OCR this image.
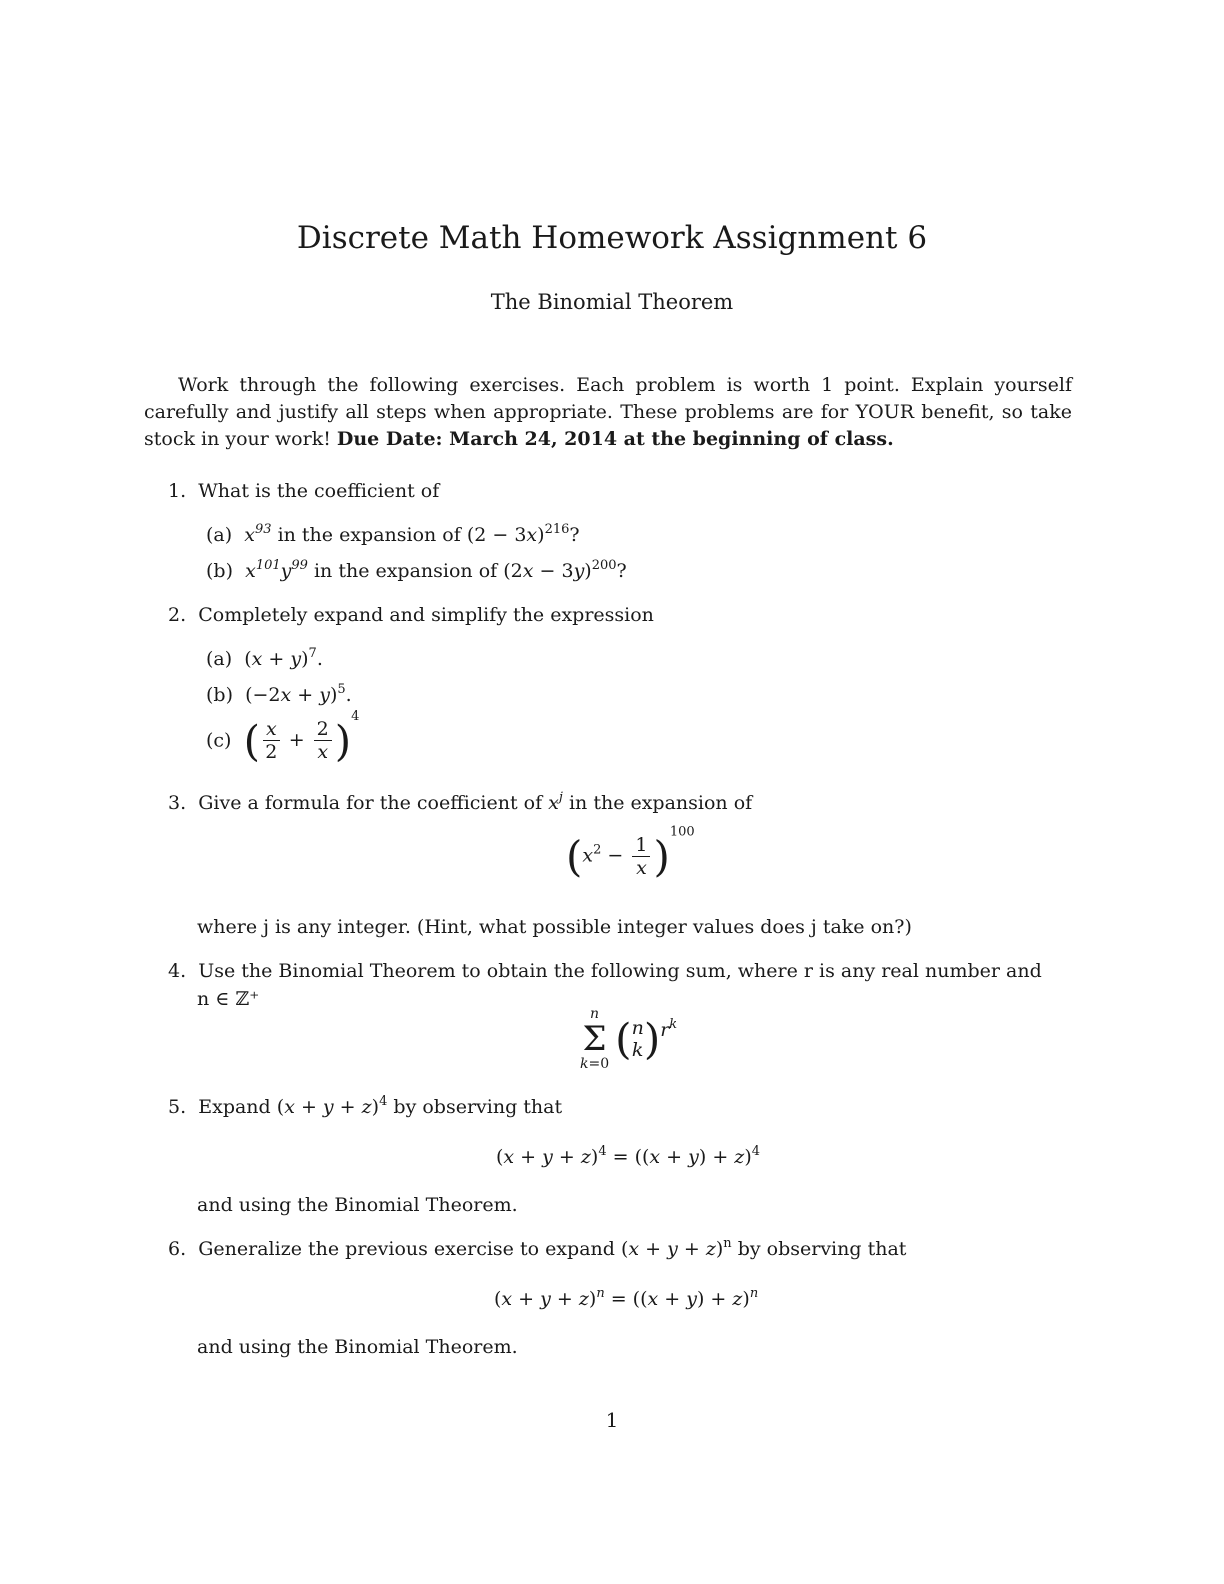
Discrete Math Homework Assignment 6
The Binomial Theorem

Work through the following exercises. Each problem is worth 1 point. Explain yourself carefully and justify all steps when appropriate. These problems are for YOUR benefit, so take stock in your work! Due Date: March 24, 2014 at the beginning of class.

1. What is the coefficient of
(a) $x^{93}$ in the expansion of $(2 - 3x)^{216}$?
(b) $x^{101}y^{99}$ in the expansion of $(2x - 3y)^{200}$?
2. Completely expand and simplify the expression
(a) $(x + y)^7$.
(b) $(-2x + y)^5$.
(c) ( $\frac{x}{2} + \frac{2}{x} )^4$
3. Give a formula for the coefficient of $x^j$ in the expansion of
$(x^2 - \frac{1}{x} )^{100}$
where j is any integer. (Hint, what possible integer values does j take on?)
4. Use the Binomial Theorem to obtain the following sum, where r is any real number and
n ∈ ℤ⁺
n
Σ
k=0
( n
k )$r^k$
5. Expand $(x + y + z)^4$ by observing that
$(x + y + z)^4 = ((x + y) + z)^4$
and using the Binomial Theorem.
6. Generalize the previous exercise to expand $(x + y + z)^n$ by observing that
$(x + y + z)^n = ((x + y) + z)^n$
and using the Binomial Theorem.
1
